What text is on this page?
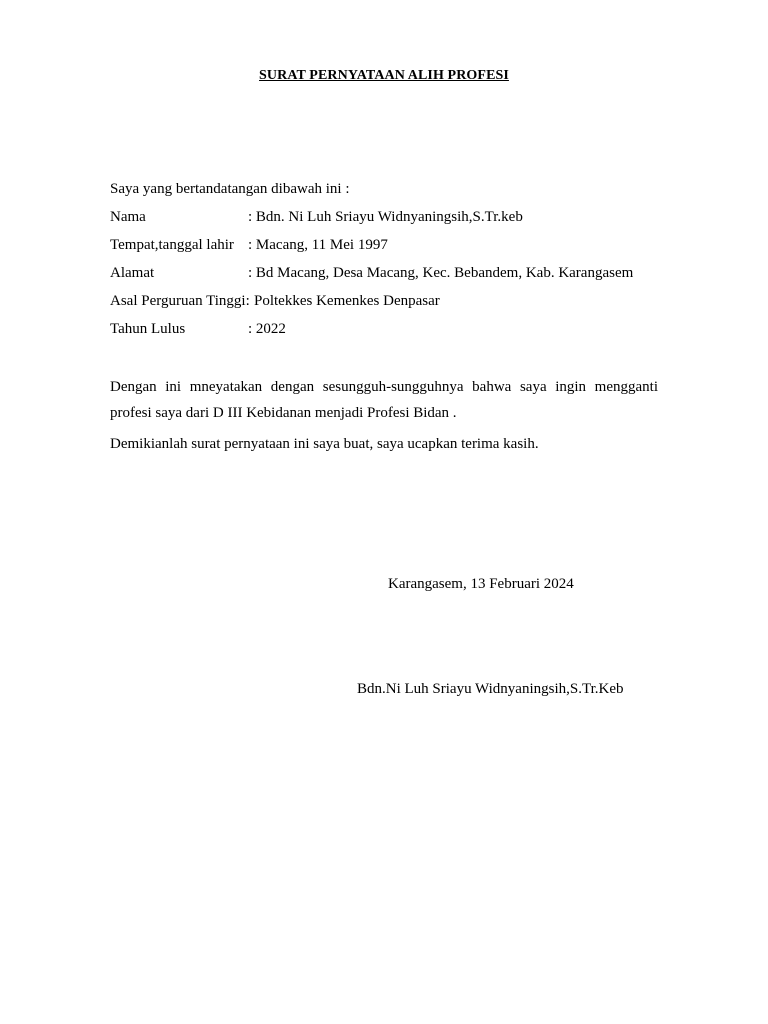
SURAT PERNYATAAN ALIH PROFESI
Saya yang bertandatangan dibawah ini :
Nama	: Bdn. Ni Luh Sriayu Widnyaningsih,S.Tr.keb
Tempat,tanggal lahir : Macang, 11 Mei 1997
Alamat	: Bd Macang, Desa Macang, Kec. Bebandem, Kab. Karangasem
Asal Perguruan Tinggi: Poltekkes Kemenkes Denpasar
Tahun Lulus	: 2022
Dengan ini mneyatakan dengan sesungguh-sungguhnya bahwa saya ingin mengganti profesi saya dari D III Kebidanan menjadi Profesi Bidan .
Demikianlah surat pernyataan ini saya buat, saya ucapkan terima kasih.
Karangasem, 13 Februari 2024
Bdn.Ni Luh Sriayu Widnyaningsih,S.Tr.Keb
